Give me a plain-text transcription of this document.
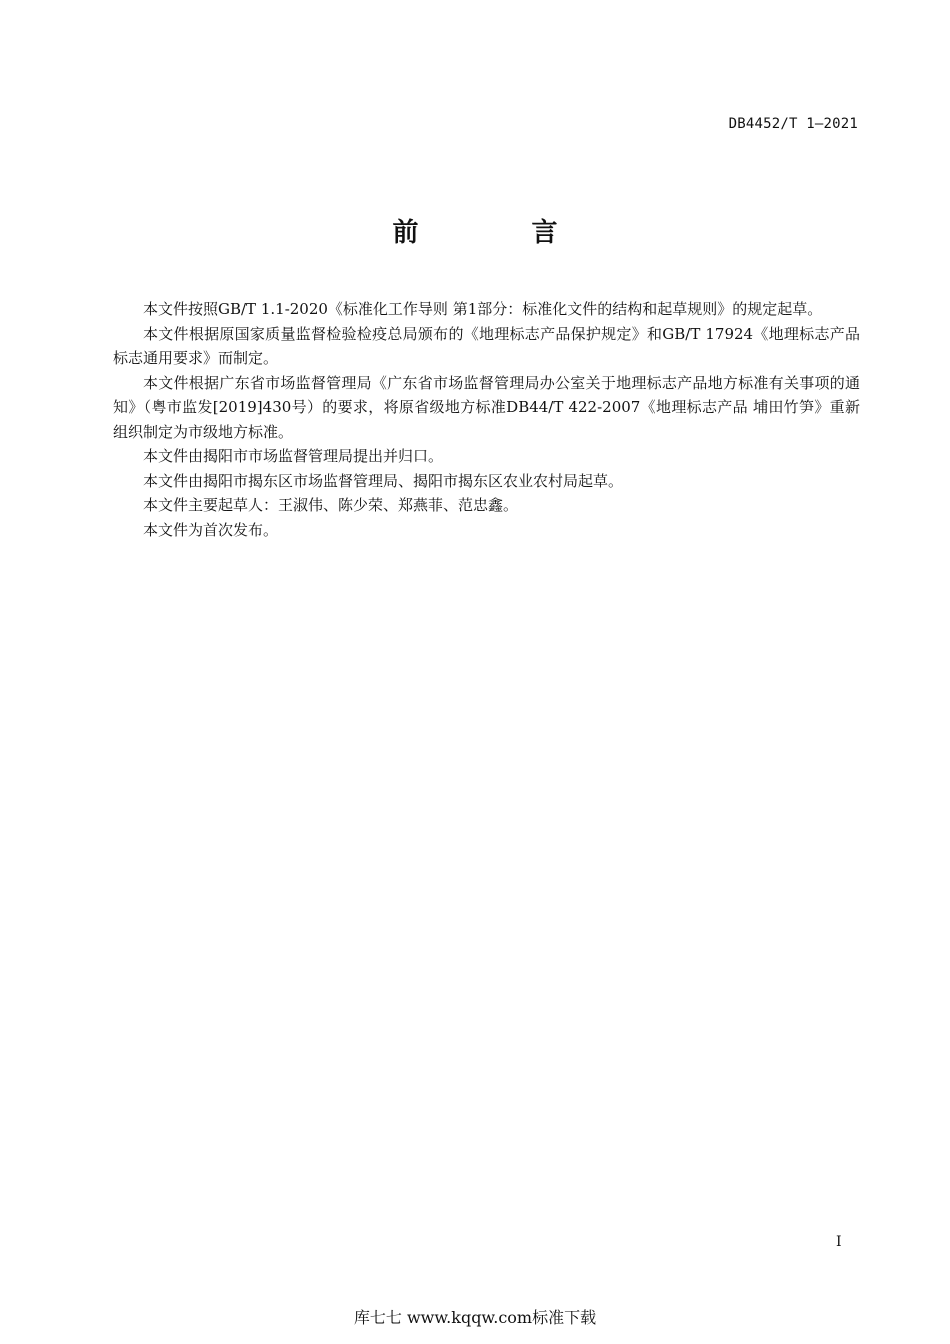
DB4452/T 1—2021
前 言

本文件按照GB/T 1.1-2020《标准化工作导则 第1部分：标准化文件的结构和起草规则》的规定起草。

本文件根据原国家质量监督检验检疫总局颁布的《地理标志产品保护规定》和GB/T 17924《地理标志产品标志通用要求》而制定。

本文件根据广东省市场监督管理局《广东省市场监督管理局办公室关于地理标志产品地方标准有关事项的通知》（粤市监发[2019]430号）的要求，将原省级地方标准DB44/T 422-2007《地理标志产品 埔田竹笋》重新组织制定为市级地方标准。

本文件由揭阳市市场监督管理局提出并归口。

本文件由揭阳市揭东区市场监督管理局、揭阳市揭东区农业农村局起草。

本文件主要起草人：王淑伟、陈少荣、郑燕菲、范忠鑫。

本文件为首次发布。

I
库七七 www.kqqw.com标准下载
